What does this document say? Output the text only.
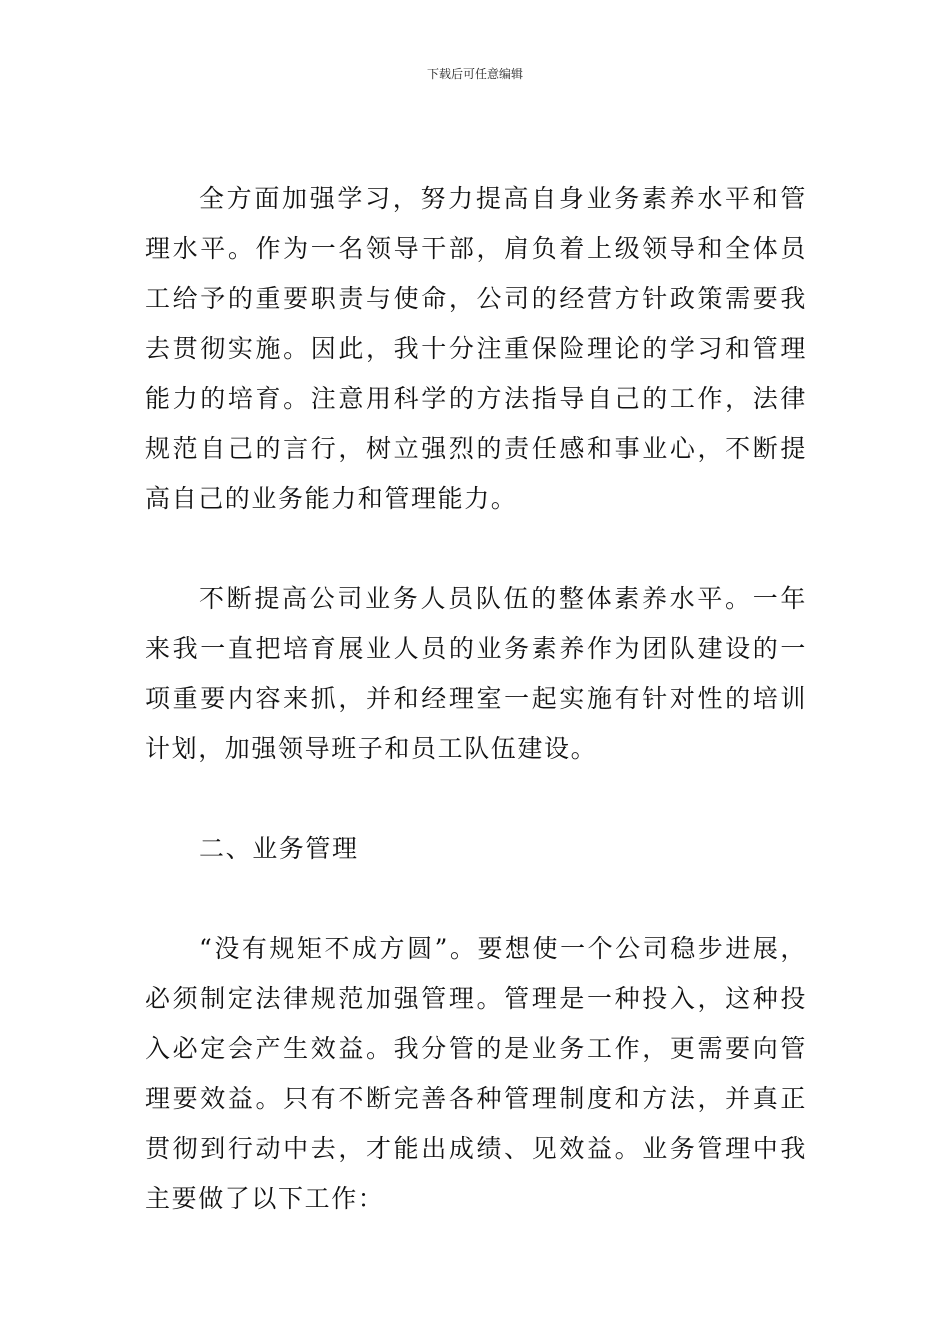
下载后可任意编辑

全方面加强学习，努力提高自身业务素养水平和管理水平。作为一名领导干部，肩负着上级领导和全体员工给予的重要职责与使命，公司的经营方针政策需要我去贯彻实施。因此，我十分注重保险理论的学习和管理能力的培育。注意用科学的方法指导自己的工作，法律规范自己的言行，树立强烈的责任感和事业心，不断提高自己的业务能力和管理能力。

不断提高公司业务人员队伍的整体素养水平。一年来我一直把培育展业人员的业务素养作为团队建设的一项重要内容来抓，并和经理室一起实施有针对性的培训计划，加强领导班子和员工队伍建设。

二、业务管理

“没有规矩不成方圆”。要想使一个公司稳步进展，必须制定法律规范加强管理。管理是一种投入，这种投入必定会产生效益。我分管的是业务工作，更需要向管理要效益。只有不断完善各种管理制度和方法，并真正贯彻到行动中去，才能出成绩、见效益。业务管理中我主要做了以下工作：
